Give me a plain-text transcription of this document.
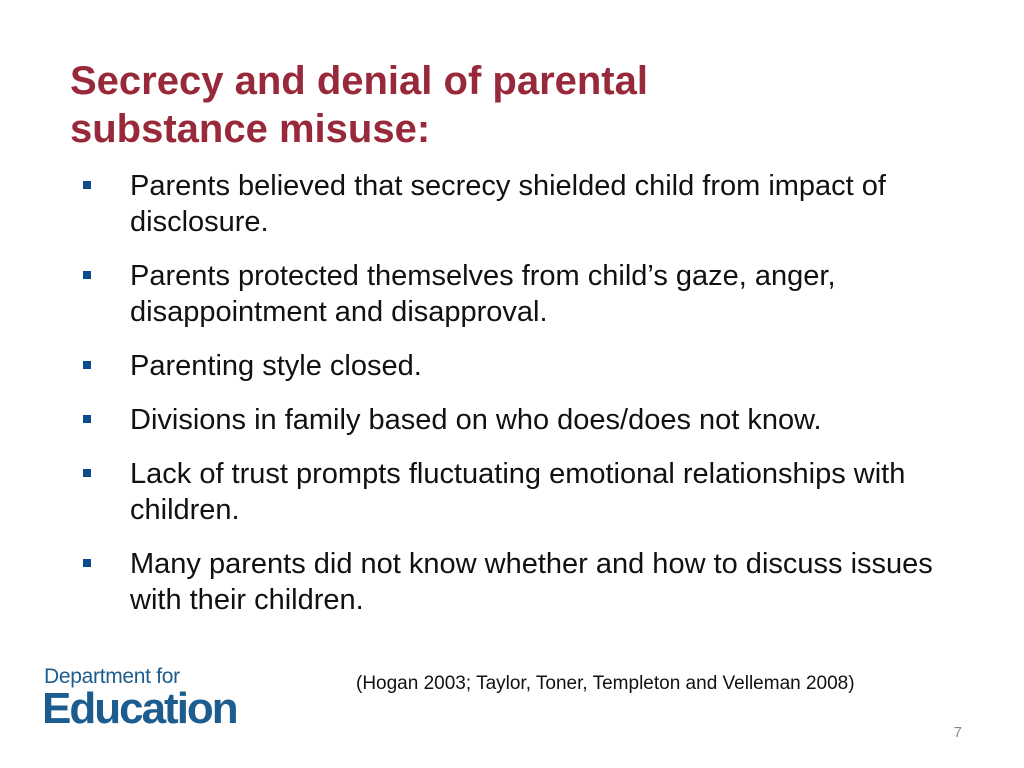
Secrecy and denial of parental
substance misuse:
Parents believed that secrecy shielded child from impact of disclosure.
Parents protected themselves from child’s gaze, anger, disappointment and disapproval.
Parenting style closed.
Divisions in family based on who does/does not know.
Lack of trust prompts fluctuating emotional relationships with children.
Many parents did not know whether and how to discuss issues with their children.
Department for
Education
(Hogan 2003; Taylor, Toner, Templeton and Velleman 2008)
7
